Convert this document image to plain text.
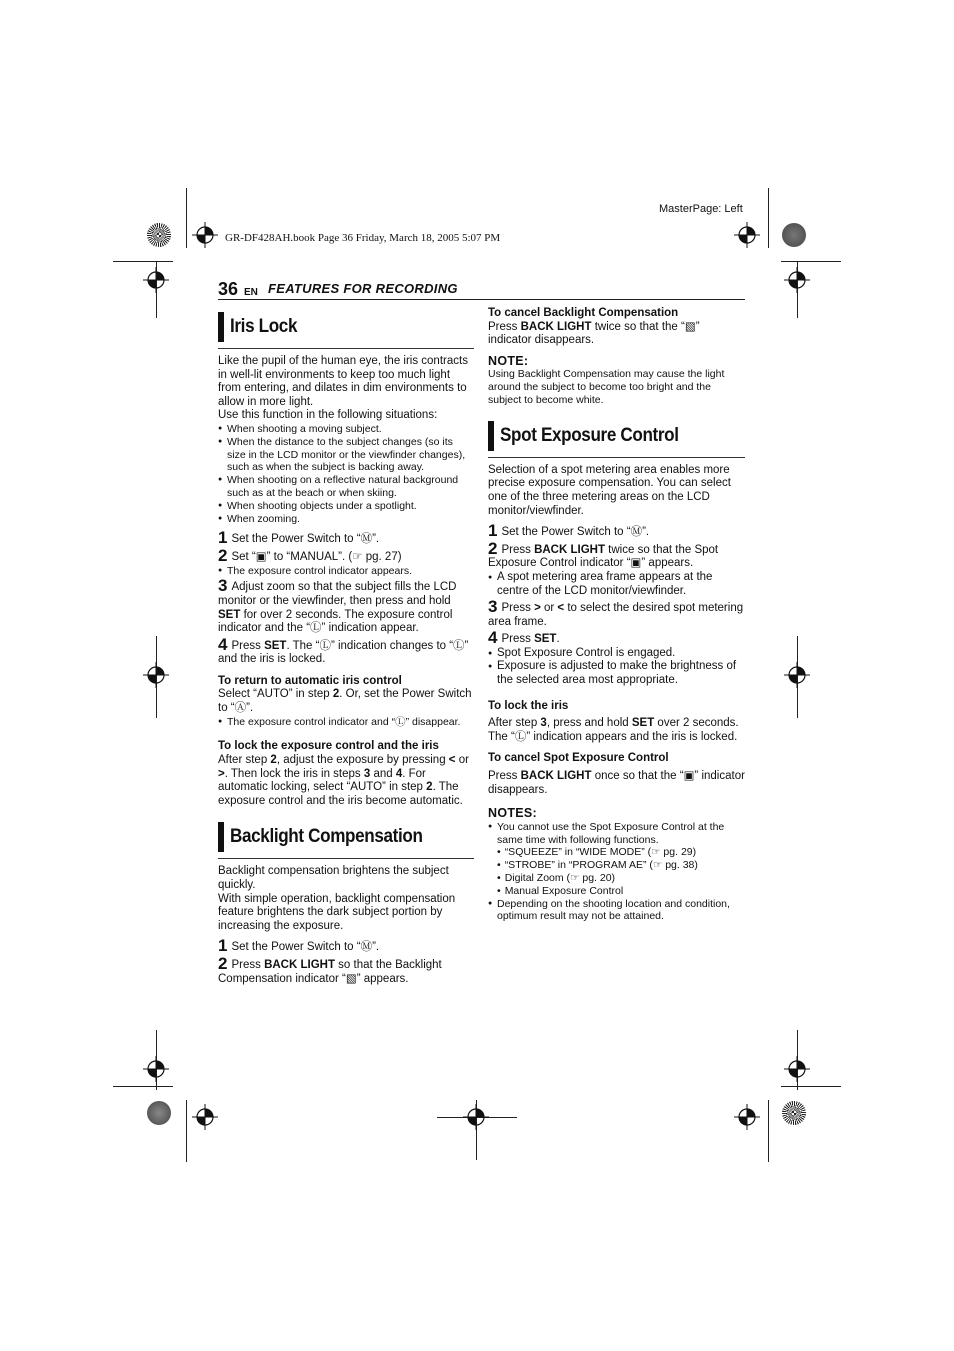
MasterPage: Left
GR-DF428AH.book Page 36 Friday, March 18, 2005 5:07 PM
36 EN FEATURES FOR RECORDING
Iris Lock

Like the pupil of the human eye, the iris contracts in well-lit environments to keep too much light from entering, and dilates in dim environments to allow in more light.

Use this function in the following situations:

● When shooting a moving subject.

● When the distance to the subject changes (so its size in the LCD monitor or the viewfinder changes), such as when the subject is backing away.

● When shooting on a reflective natural background such as at the beach or when skiing.

● When shooting objects under a spotlight.

● When zooming.

1 Set the Power Switch to “Ⓜ”.

2 Set “▣” to “MANUAL”. (☞ pg. 27)

● The exposure control indicator appears.

3 Adjust zoom so that the subject fills the LCD monitor or the viewfinder, then press and hold SET for over 2 seconds. The exposure control indicator and the “Ⓛ” indication appear.

4 Press SET. The “Ⓛ” indication changes to “Ⓛ” and the iris is locked.

To return to automatic iris control

Select “AUTO” in step 2. Or, set the Power Switch to “Ⓐ”.

● The exposure control indicator and “Ⓛ” disappear.

To lock the exposure control and the iris

After step 2, adjust the exposure by pressing < or >. Then lock the iris in steps 3 and 4. For automatic locking, select “AUTO” in step 2. The exposure control and the iris become automatic.

Backlight Compensation

Backlight compensation brightens the subject quickly.

With simple operation, backlight compensation feature brightens the dark subject portion by increasing the exposure.

1 Set the Power Switch to “Ⓜ”.

2 Press BACK LIGHT so that the Backlight Compensation indicator “▧” appears.

To cancel Backlight Compensation

Press BACK LIGHT twice so that the “▧” indicator disappears.

NOTE:

Using Backlight Compensation may cause the light around the subject to become too bright and the subject to become white.

Spot Exposure Control

Selection of a spot metering area enables more precise exposure compensation. You can select one of the three metering areas on the LCD monitor/viewfinder.

1 Set the Power Switch to “Ⓜ”.

2 Press BACK LIGHT twice so that the Spot Exposure Control indicator “▣” appears.

● A spot metering area frame appears at the centre of the LCD monitor/viewfinder.

3 Press > or < to select the desired spot metering area frame.

4 Press SET.

● Spot Exposure Control is engaged.

● Exposure is adjusted to make the brightness of the selected area most appropriate.

To lock the iris

After step 3, press and hold SET over 2 seconds. The “Ⓛ” indication appears and the iris is locked.

To cancel Spot Exposure Control

Press BACK LIGHT once so that the “▣” indicator disappears.

NOTES:

● You cannot use the Spot Exposure Control at the same time with following functions.

• “SQUEEZE” in “WIDE MODE” (☞ pg. 29)

• “STROBE” in “PROGRAM AE” (☞ pg. 38)

• Digital Zoom (☞ pg. 20)

• Manual Exposure Control

● Depending on the shooting location and condition, optimum result may not be attained.
